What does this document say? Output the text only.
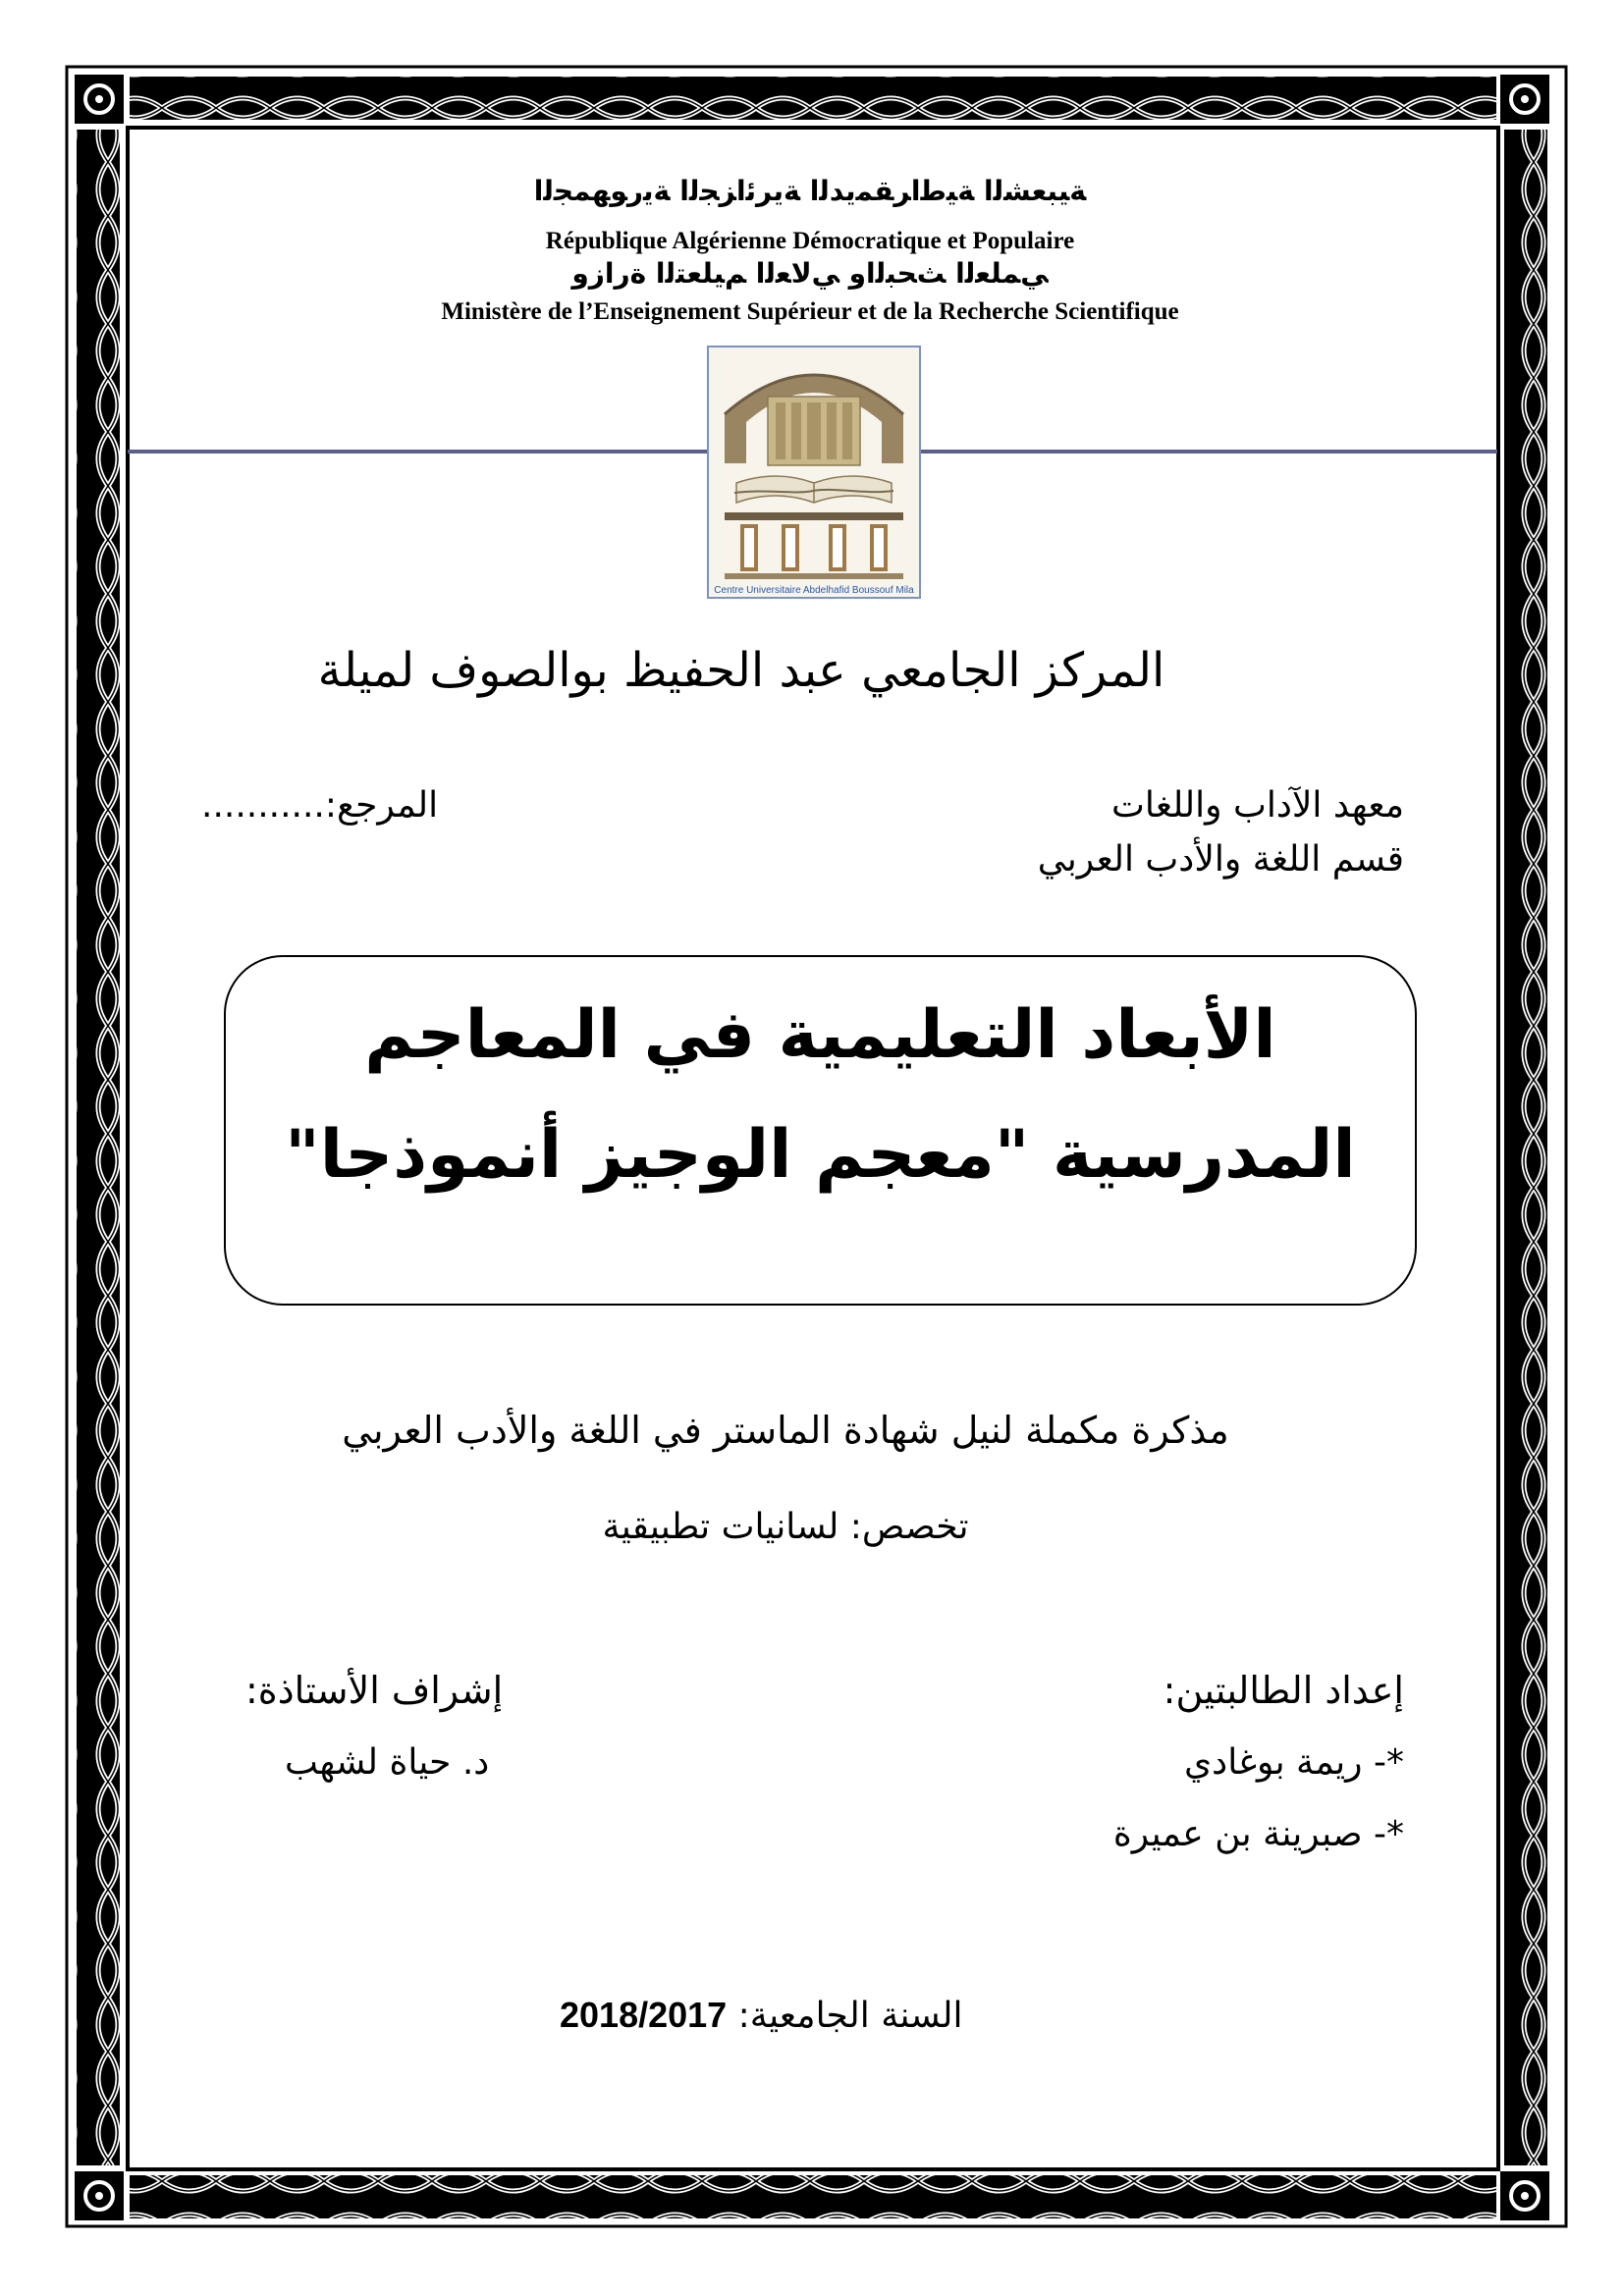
ﺔﻴﺒﻌﺸﻟا ﺔﻴﻃاﺮﻘﻤﻳﺪﻟا ﺔﻳﺮﺋاﺰﺠﻟا ﺔﻳرﻮﻬﻤﺠﻟا
République Algérienne Démocratique et Populaire
ﻲﻤﻠﻌﻟا ﺚﺤﺒﻟاو ﻲﻟﺎﻌﻟا ﻢﻴﻠﻌﺘﻟا ةرازو
Ministère de l’Enseignement Supérieur et de la Recherche Scientifique
Centre Universitaire Abdelhafid Boussouf Mila
المركز الجامعي عبد الحفيظ بوالصوف لميلة
معهد الآداب واللغات
قسم اللغة والأدب العربي
المرجع:...........
الأبعاد التعليمية في المعاجم
المدرسية "معجم الوجيز أنموذجا"
مذكرة مكملة لنيل شهادة الماستر في اللغة والأدب العربي
تخصص: لسانيات تطبيقية
إعداد الطالبتين:
*- ريمة بوغادي
*- صبرينة بن عميرة
إشراف الأستاذة:
د. حياة لشهب
السنة الجامعية: 2018/2017
